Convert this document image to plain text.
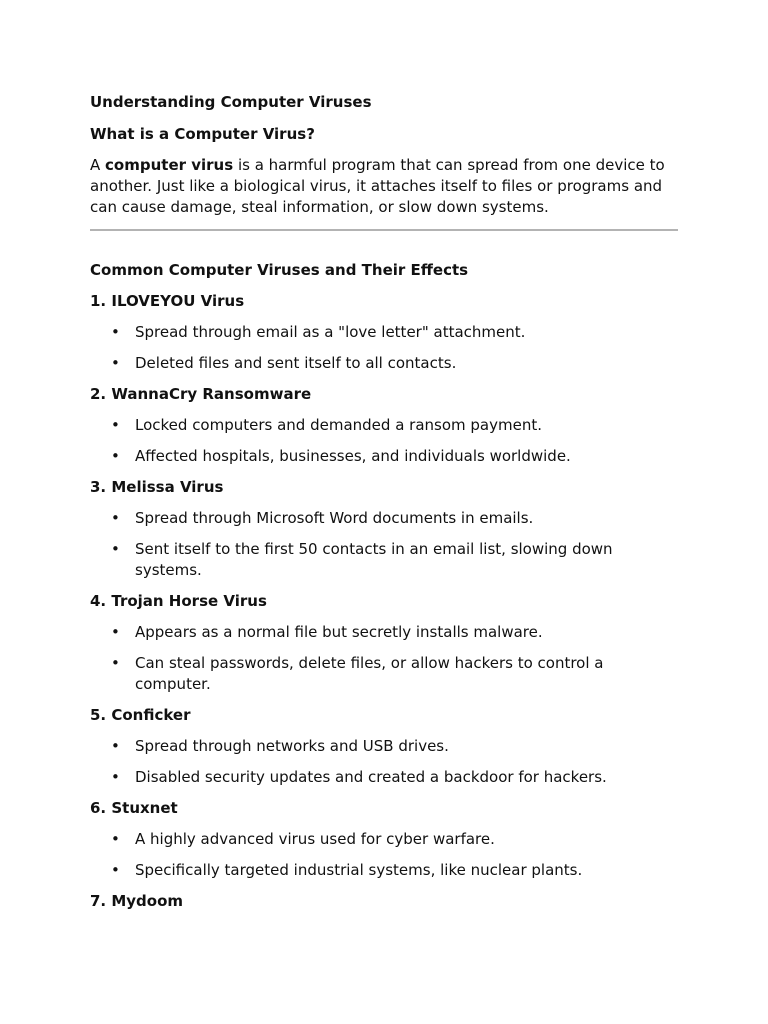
Understanding Computer Viruses

What is a Computer Virus?

A computer virus is a harmful program that can spread from one device to another. Just like a biological virus, it attaches itself to files or programs and can cause damage, steal information, or slow down systems.

Common Computer Viruses and Their Effects

1. ILOVEYOU Virus

• Spread through email as a "love letter" attachment.
• Deleted files and sent itself to all contacts.

2. WannaCry Ransomware

• Locked computers and demanded a ransom payment.
• Affected hospitals, businesses, and individuals worldwide.

3. Melissa Virus

• Spread through Microsoft Word documents in emails.
• Sent itself to the first 50 contacts in an email list, slowing down systems.

4. Trojan Horse Virus

• Appears as a normal file but secretly installs malware.
• Can steal passwords, delete files, or allow hackers to control a computer.

5. Conficker

• Spread through networks and USB drives.
• Disabled security updates and created a backdoor for hackers.

6. Stuxnet

• A highly advanced virus used for cyber warfare.
• Specifically targeted industrial systems, like nuclear plants.

7. Mydoom
